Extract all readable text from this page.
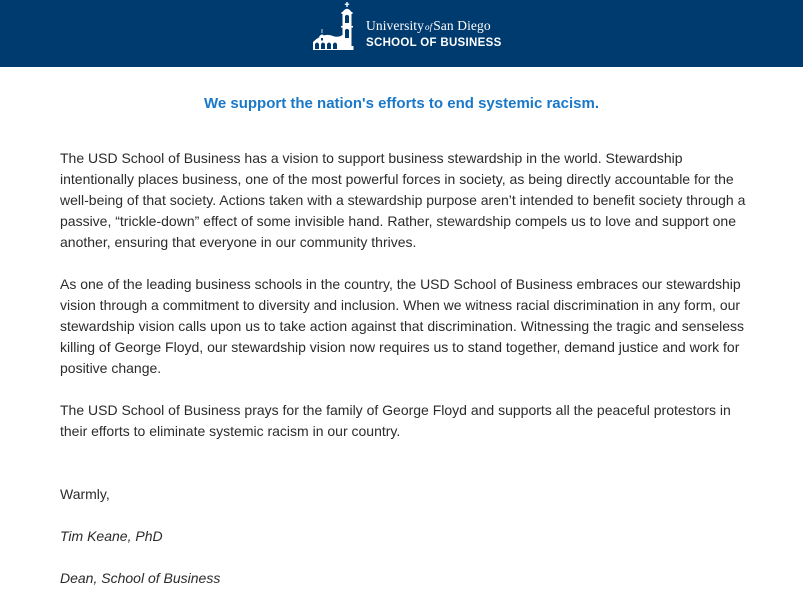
UniversityofSan Diego
SCHOOL OF BUSINESS
We support the nation's efforts to end systemic racism.

The USD School of Business has a vision to support business stewardship in the world. Stewardship intentionally places business, one of the most powerful forces in society, as being directly accountable for the well-being of that society. Actions taken with a stewardship purpose aren’t intended to benefit society through a passive, “trickle-down” effect of some invisible hand. Rather, stewardship compels us to love and support one another, ensuring that everyone in our community thrives.

As one of the leading business schools in the country, the USD School of Business embraces our stewardship vision through a commitment to diversity and inclusion. When we witness racial discrimination in any form, our stewardship vision calls upon us to take action against that discrimination. Witnessing the tragic and senseless killing of George Floyd, our stewardship vision now requires us to stand together, demand justice and work for positive change.

The USD School of Business prays for the family of George Floyd and supports all the peaceful protestors in their efforts to eliminate systemic racism in our country.

Warmly,

Tim Keane, PhD

Dean, School of Business
